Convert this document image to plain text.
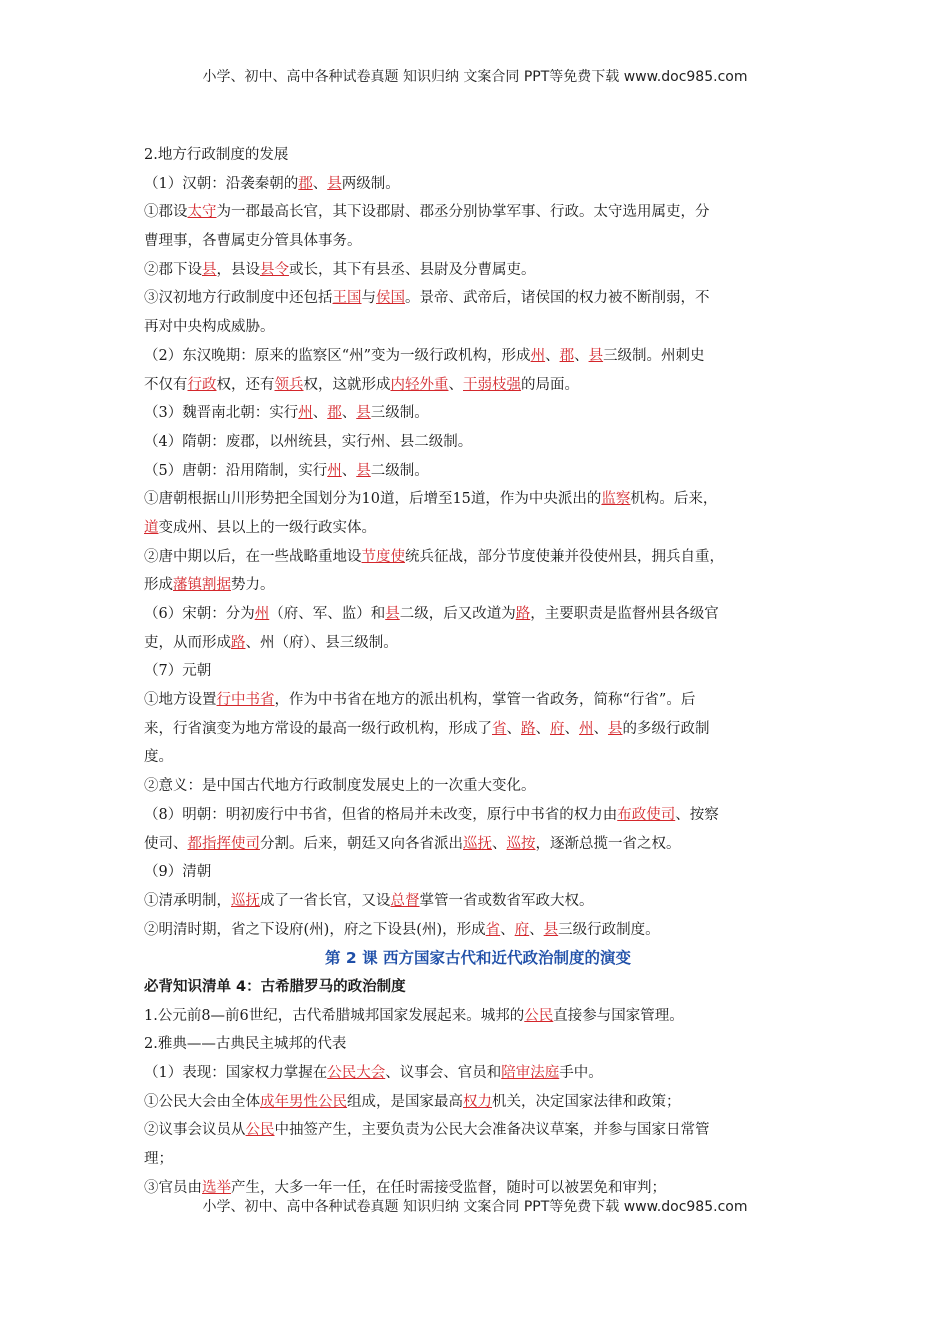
小学、初中、高中各种试卷真题 知识归纳 文案合同 PPT等免费下载 www.doc985.com
2.地方行政制度的发展
（1）汉朝：沿袭秦朝的郡、县两级制。
①郡设太守为一郡最高长官，其下设郡尉、郡丞分别协掌军事、行政。太守选用属吏，分
曹理事，各曹属吏分管具体事务。
②郡下设县，县设县令或长，其下有县丞、县尉及分曹属吏。
③汉初地方行政制度中还包括王国与侯国。景帝、武帝后，诸侯国的权力被不断削弱，不
再对中央构成威胁。
（2）东汉晚期：原来的监察区“州”变为一级行政机构，形成州、郡、县三级制。州刺史
不仅有行政权，还有领兵权，这就形成内轻外重、干弱枝强的局面。
（3）魏晋南北朝：实行州、郡、县三级制。
（4）隋朝：废郡，以州统县，实行州、县二级制。
（5）唐朝：沿用隋制，实行州、县二级制。
①唐朝根据山川形势把全国划分为10道，后增至15道，作为中央派出的监察机构。后来，
道变成州、县以上的一级行政实体。
②唐中期以后，在一些战略重地设节度使统兵征战，部分节度使兼并役使州县，拥兵自重，
形成藩镇割据势力。
（6）宋朝：分为州（府、军、监）和县二级，后又改道为路，主要职责是监督州县各级官
吏，从而形成路、州（府）、县三级制。
（7）元朝
①地方设置行中书省，作为中书省在地方的派出机构，掌管一省政务，简称“行省”。后
来，行省演变为地方常设的最高一级行政机构，形成了省、路、府、州、县的多级行政制
度。
②意义：是中国古代地方行政制度发展史上的一次重大变化。
（8）明朝：明初废行中书省，但省的格局并未改变，原行中书省的权力由布政使司、按察
使司、都指挥使司分割。后来，朝廷又向各省派出巡抚、巡按，逐渐总揽一省之权。
（9）清朝
①清承明制，巡抚成了一省长官，又设总督掌管一省或数省军政大权。
②明清时期，省之下设府(州)，府之下设县(州)，形成省、府、县三级行政制度。
第 2 课 西方国家古代和近代政治制度的演变
必背知识清单 4：古希腊罗马的政治制度
1.公元前8—前6世纪，古代希腊城邦国家发展起来。城邦的公民直接参与国家管理。
2.雅典——古典民主城邦的代表
（1）表现：国家权力掌握在公民大会、议事会、官员和陪审法庭手中。
①公民大会由全体成年男性公民组成，是国家最高权力机关，决定国家法律和政策；
②议事会议员从公民中抽签产生，主要负责为公民大会准备决议草案，并参与国家日常管
理；
③官员由选举产生，大多一年一任，在任时需接受监督，随时可以被罢免和审判；
小学、初中、高中各种试卷真题 知识归纳 文案合同 PPT等免费下载 www.doc985.com
